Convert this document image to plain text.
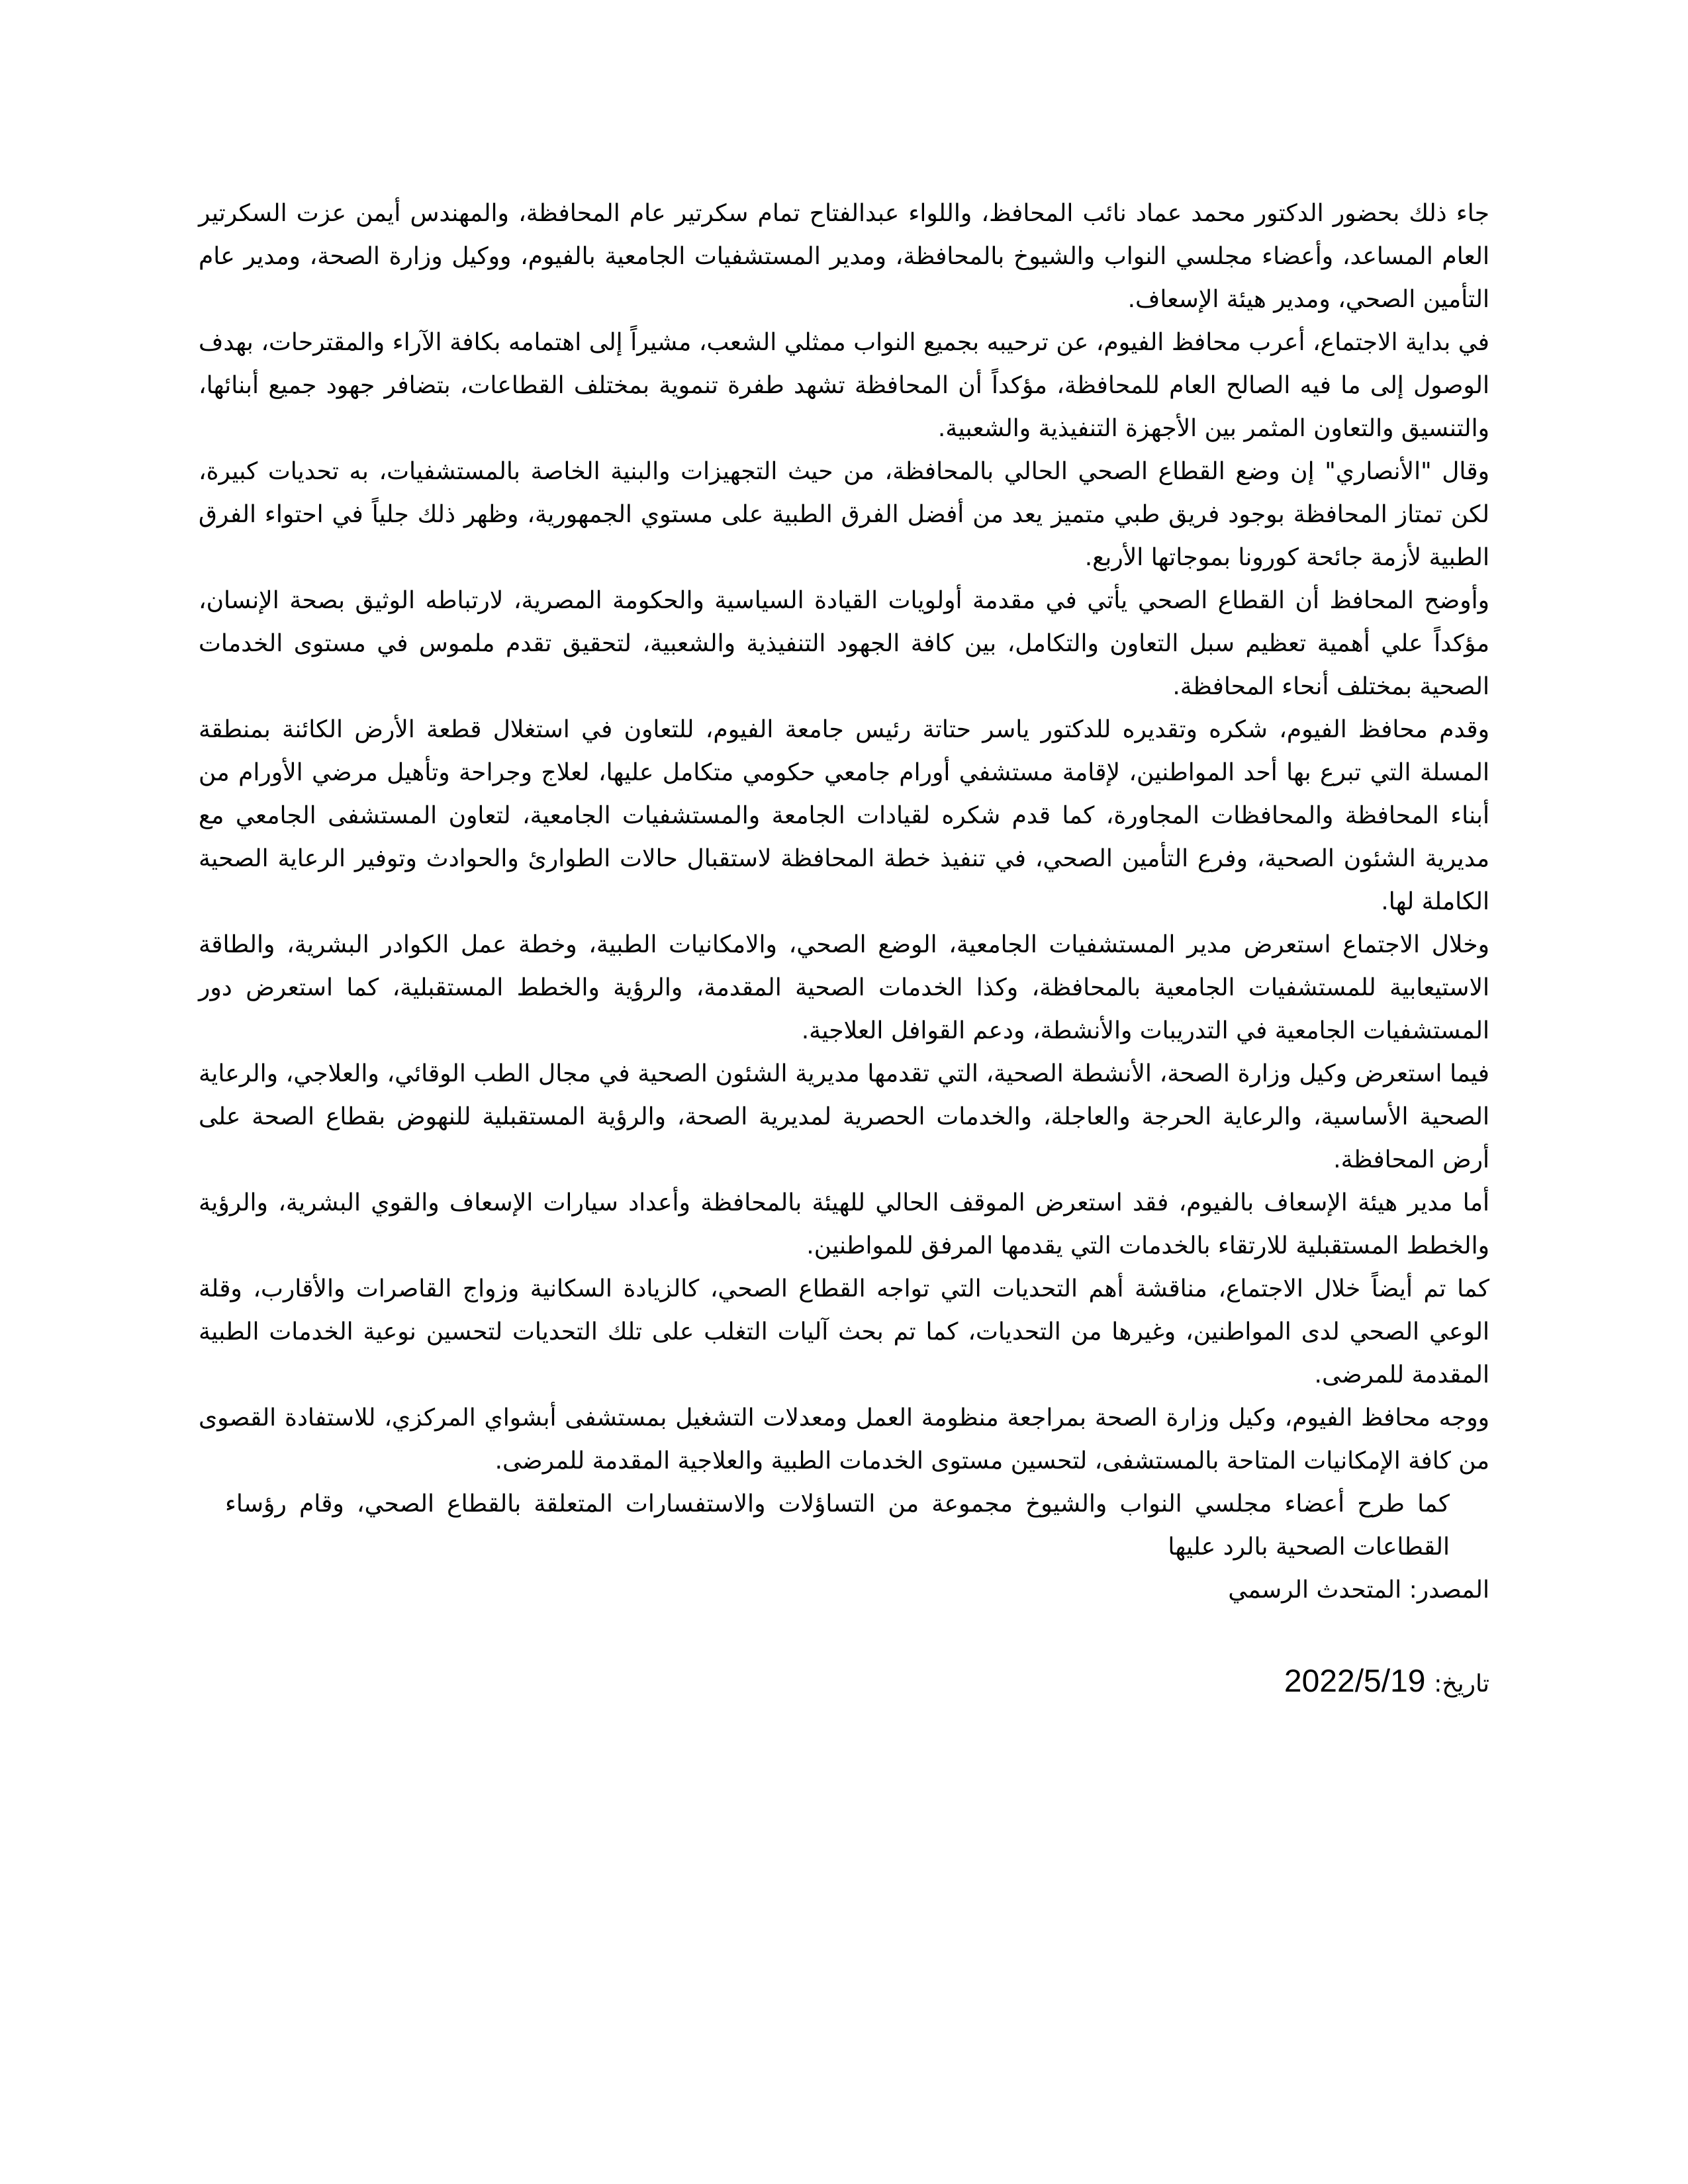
جاء ذلك بحضور الدكتور محمد عماد نائب المحافظ، واللواء عبدالفتاح تمام سكرتير عام المحافظة، والمهندس أيمن عزت السكرتير العام المساعد، وأعضاء مجلسي النواب والشيوخ بالمحافظة، ومدير المستشفيات الجامعية بالفيوم، ووكيل وزارة الصحة، ومدير عام التأمين الصحي، ومدير هيئة الإسعاف.

في بداية الاجتماع، أعرب محافظ الفيوم، عن ترحيبه بجميع النواب ممثلي الشعب، مشيراً إلى اهتمامه بكافة الآراء والمقترحات، بهدف الوصول إلى ما فيه الصالح العام للمحافظة، مؤكداً أن المحافظة تشهد طفرة تنموية بمختلف القطاعات، بتضافر جهود جميع أبنائها، والتنسيق والتعاون المثمر بين الأجهزة التنفيذية والشعبية.

وقال "الأنصاري" إن وضع القطاع الصحي الحالي بالمحافظة، من حيث التجهيزات والبنية الخاصة بالمستشفيات، به تحديات كبيرة، لكن تمتاز المحافظة بوجود فريق طبي متميز يعد من أفضل الفرق الطبية على مستوي الجمهورية، وظهر ذلك جلياً في احتواء الفرق الطبية لأزمة جائحة كورونا بموجاتها الأربع.

وأوضح المحافظ أن القطاع الصحي يأتي في مقدمة أولويات القيادة السياسية والحكومة المصرية، لارتباطه الوثيق بصحة الإنسان، مؤكداً علي أهمية تعظيم سبل التعاون والتكامل، بين كافة الجهود التنفيذية والشعبية، لتحقيق تقدم ملموس في مستوى الخدمات الصحية بمختلف أنحاء المحافظة.

وقدم محافظ الفيوم، شكره وتقديره للدكتور ياسر حتاتة رئيس جامعة الفيوم، للتعاون في استغلال قطعة الأرض الكائنة بمنطقة المسلة التي تبرع بها أحد المواطنين، لإقامة مستشفي أورام جامعي حكومي متكامل عليها، لعلاج وجراحة وتأهيل مرضي الأورام من أبناء المحافظة والمحافظات المجاورة، كما قدم شكره لقيادات الجامعة والمستشفيات الجامعية، لتعاون المستشفى الجامعي مع مديرية الشئون الصحية، وفرع التأمين الصحي، في تنفيذ خطة المحافظة لاستقبال حالات الطوارئ والحوادث وتوفير الرعاية الصحية الكاملة لها.

وخلال الاجتماع استعرض مدير المستشفيات الجامعية، الوضع الصحي، والامكانيات الطبية، وخطة عمل الكوادر البشرية، والطاقة الاستيعابية للمستشفيات الجامعية بالمحافظة، وكذا الخدمات الصحية المقدمة، والرؤية والخطط المستقبلية، كما استعرض دور المستشفيات الجامعية في التدريبات والأنشطة، ودعم القوافل العلاجية.

فيما استعرض وكيل وزارة الصحة، الأنشطة الصحية، التي تقدمها مديرية الشئون الصحية في مجال الطب الوقائي، والعلاجي، والرعاية الصحية الأساسية، والرعاية الحرجة والعاجلة، والخدمات الحصرية لمديرية الصحة، والرؤية المستقبلية للنهوض بقطاع الصحة على أرض المحافظة.

أما مدير هيئة الإسعاف بالفيوم، فقد استعرض الموقف الحالي للهيئة بالمحافظة وأعداد سيارات الإسعاف والقوي البشرية، والرؤية والخطط المستقبلية للارتقاء بالخدمات التي يقدمها المرفق للمواطنين.

كما تم أيضاً خلال الاجتماع، مناقشة أهم التحديات التي تواجه القطاع الصحي، كالزيادة السكانية وزواج القاصرات والأقارب، وقلة الوعي الصحي لدى المواطنين، وغيرها من التحديات، كما تم بحث آليات التغلب على تلك التحديات لتحسين نوعية الخدمات الطبية المقدمة للمرضى.

ووجه محافظ الفيوم، وكيل وزارة الصحة بمراجعة منظومة العمل ومعدلات التشغيل بمستشفى أبشواي المركزي، للاستفادة القصوى من كافة الإمكانيات المتاحة بالمستشفى، لتحسين مستوى الخدمات الطبية والعلاجية المقدمة للمرضى.

كما طرح أعضاء مجلسي النواب والشيوخ مجموعة من التساؤلات والاستفسارات المتعلقة بالقطاع الصحي، وقام رؤساء القطاعات الصحية بالرد عليها

المصدر: المتحدث الرسمي

تاريخ: 2022/5/19
